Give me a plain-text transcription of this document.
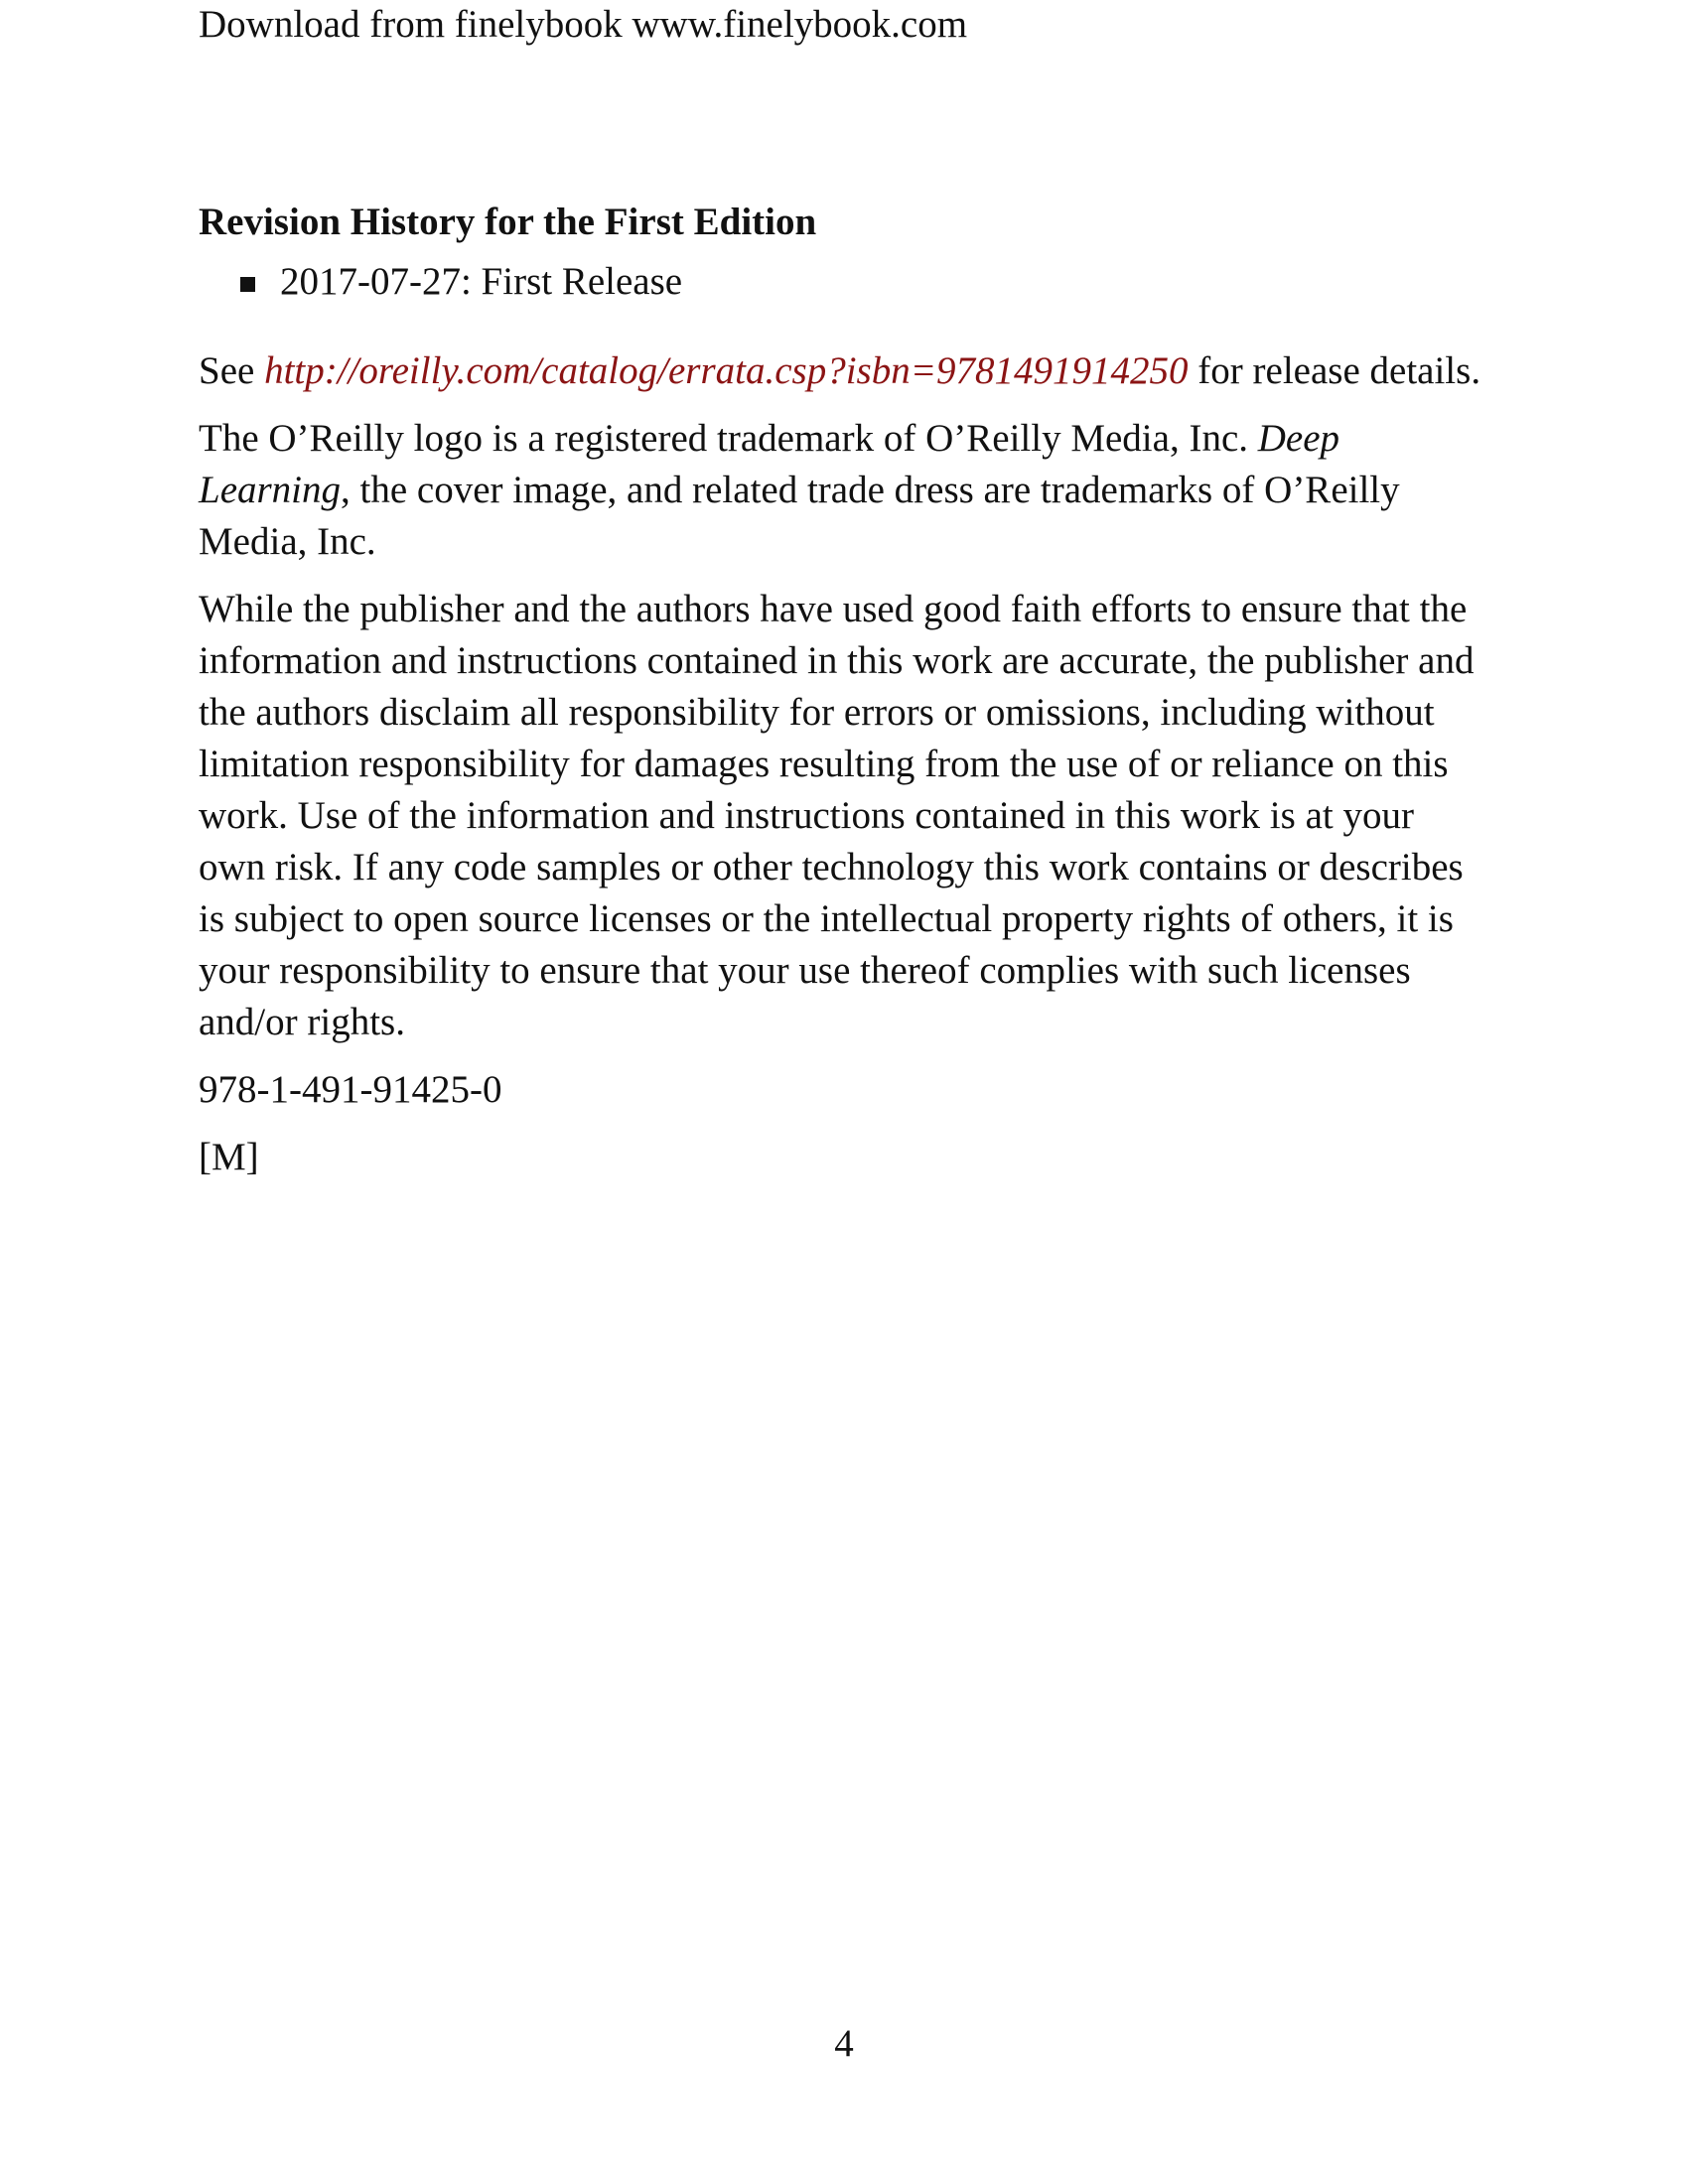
Download from finelybook www.finelybook.com
Revision History for the First Edition
2017-07-27: First Release

See http://oreilly.com/catalog/errata.csp?isbn=9781491914250 for release details.

The O’Reilly logo is a registered trademark of O’Reilly Media, Inc. Deep Learning, the cover image, and related trade dress are trademarks of O’Reilly Media, Inc.

While the publisher and the authors have used good faith efforts to ensure that the information and instructions contained in this work are accurate, the publisher and the authors disclaim all responsibility for errors or omissions, including without limitation responsibility for damages resulting from the use of or reliance on this work. Use of the information and instructions contained in this work is at your own risk. If any code samples or other technology this work contains or describes is subject to open source licenses or the intellectual property rights of others, it is your responsibility to ensure that your use thereof complies with such licenses and/or rights.

978-1-491-91425-0

[M]

4
